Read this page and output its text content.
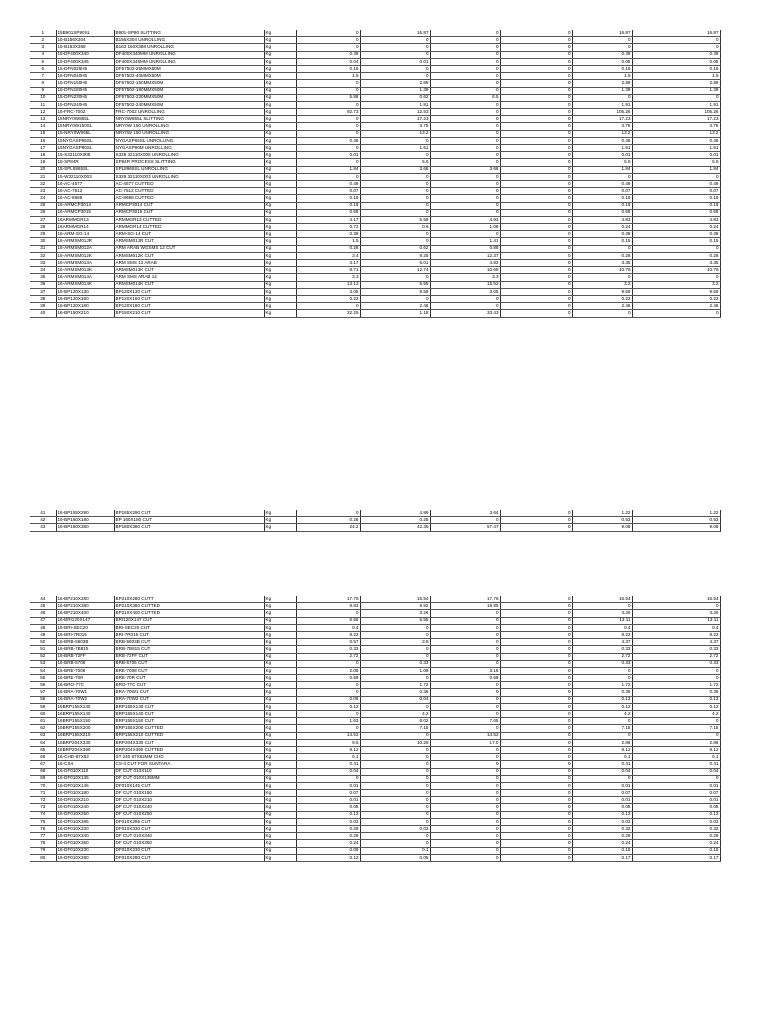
1	15B901SP90SL	B901-SP90 SLITTING	Kg	0	16.87	0	0	16.87	16.87	
2	15-B156X304	B156X304 UNROLLING	Kg	0	0	0	0	0	0	
3	15-B163X388	B163 160X388 UNROLLING	Kg	0	0	0	0	0	0	
4	15-DF400X340	DF400X340MM UNROLLING	Kg	0.49	0	0	0	0.49	0.49	
5	15-DF400X345	DF400X345MM UNROLLING	Kg	0.04	0.01	0	0	0.05	0.05	
6	15-DFN025H5	DF57502-25MMX50M	Kg	0.16	0	0	0	0.16	0.16	
7	15-DFN040H5	DF57502-40MMX50M	Kg	1.5	0	0	0	1.5	1.5	
8	15-DFN150H5	DF57502-150MMX50M	Kg	0	2.89	0	0	2.89	2.89	
9	15-DFN180H5	DF57502-180MMX50M	Kg	0	1.39	0	0	1.39	1.39	
10	15-DFN230H5	DF57502-230MMX50M	Kg	5.88	0.62	6.5	0	0	0	
11	15-DFN240H5	DF57502-240MMX50M	Kg	0	1.91	0	0	1.91	1.91	
12	15-FRC-7002	FRC-7002 UNROLLING	Kg	92.73	12.53	0	0	105.26	105.26	
13	15NRY0W865L	NRY0W865L SLITTING	Kg	0	17.23	0	0	17.23	17.23	
14	15NRY0W150SL	NRY0W 150 UNROLLING	Kg	0	3.75	0	0	3.75	3.75	
15	15-NRY0W065L	NRY0W 150 UNROLLING	Kg	0	13.2	0	0	13.2	13.2	
16	15NYGASP65SL	NYGASP65SL UNROLLING	Kg	0.46	0	0	0	0.46	0.46	
17	15NYGASP90SL	NYGASP90M UNROLLING	Kg	0	1.51	0	0	1.51	1.51	
18	15-S32110X005	S328 32110X005 UNROLLING	Kg	0.01	0	0	0	0.01	0.01	
19	15-SP84R	SP84R PROCESS SLITTING	Kg	0	5.6	0	0	5.6	5.6	
20	15-SPL8965SL	SPL8965SL UNROLLING	Kg	1.84	3.66	3.66	0	1.84	1.84	
21	15-W32110X003	S328 32110X003 UNROLLING	Kg	0	0	0	0	0	0	
22	16-AC-4577	AC-4577 CUTTED	Kg	0.49	0	0	0	0.49	0.49	
23	16-AC-7512	AC-7512 CUTTED	Kg	0.07	0	0	0	0.07	0.07	
24	16-AC-8688	AC-8688 CUTTED	Kg	0.16	0	0	0	0.16	0.16	
25	16-ARMCP3014	ARMCP3014 CUT	Kg	0.19	0	0	0	0.19	0.19	
26	16-ARMCP3015	ARMCP3015 CUT	Kg	0.66	0	0	0	0.66	0.66	
27	16ARMMGR13	ARMMGR13 CUTTED	Kg	4.17	5.59	4.93	0	4.83	4.83	
28	16ARMMGR14	ARMMGR14 CUTTED	Kg	0.72	0.6	1.08	0	0.24	0.24	
29	16-ARM-SG-14	ARM-SG-14 CUT	Kg	0.38	0	0	0	0.38	0.38	
30	16-ARMSM01JR	ARMSM01JR CUT	Kg	1.5	0	1.41	0	0.15	0.15	
31	16-ARMSM012A	ARM ARAB WGSMS 12 CUT	Kg	0.28	0.62	0.88	0	0	0	
32	16-ARMSM012K	ARMSM012K CUT	Kg	3.4	9.25	12.37	0	0.28	0.28	
33	16-ARMSM013A	ARM SMS 13 ARAB	Kg	3.17	5.01	4.83	0	3.35	3.35	
34	16-ARMSM013K	ARMSM013K CUT	Kg	8.71	12.74	10.68	0	10.76	10.76	
35	16-ARMSM014A	ARM SMS ARAB 14	Kg	3.3	0	3.3	0	0	0	
36	16-ARMSM014K	ARMSM014K CUT	Kg	13.13	5.59	15.52	0	3.2	3.2	
37	16-BP120X130	BP120X130 CUT	Kg	3.05	9.59	3.05	0	9.59	9.59	
38	16-BP120X150	BP120X150 CUT	Kg	0.22	0	0	0	0.22	0.22	
39	16-BP120X180	BP120X180 CUT	Kg	0	2.46	0	0	2.46	2.46	
40	16-BP150X210	BP150X210 CUT	Kg	32.25	1.18	33.43	0	0	0	
41	16-BP155X290	BP155X290 CUT	Kg	0	4.86	3.64	0	1.22	1.22	
42	16-BP160X180	BP 160X180 CUT	Kg	0.28	0.25	0	0	0.53	0.53	
43	16-BP180X380	BP180X380 CUT	Kg	24.2	42.35	57.47	0	9.08	9.08	
44	16-BP210X280	BP210X280 CUTT	Kg	17.76	15.54	17.76	0	15.54	15.54	
45	16-BP210X380	BP210X380 CUTTED	Kg	9.83	9.92	19.85	0	0	0	
46	16-BP210X400	BP210X400 CUTTED	Kg	0	3.26	0	0	3.26	3.26	
47	16-BRI120X147	BRI120X147 CUT	Kg	6.56	6.55	0	0	13.11	13.11	
48	16-BRI-SEC20	BRI-SEC20 CUT	Kg	0.4	0	0	0	0.4	0.4	
49	16-BRI-7R015	BRI-7R015 CUT	Kg	9.22	0	0	0	9.22	9.22	
50	16-BRB-5803B	BRB-5803B CUT	Kg	0.57	3.8	0	0	4.37	4.37	
51	16-BRB-7B815	BRB-7B815 CUT	Kg	0.33	0	0	0	0.33	0.33	
52	16-BRB-72FF	BRB-72FF CUT	Kg	2.72	0	0	0	2.72	2.72	
53	16-BRB-5706	BRB-5706 CUT	Kg	0	0.33	0	0	0.33	0.33	
54	16-BRE-7008	BRE-7008 CUT	Kg	2.08	1.08	3.16	0	0	0	
55	16-BRE-70R	BRE-70R CUT	Kg	0.59	0	0.59	0	0	0	
56	16-BRO-77C	BRO-77C CUT	Kg	0	1.72	0	0	1.72	1.72	
57	16-BRA-70W1	BRA-70W1 CUT	Kg	0	0.36	0	0	0.36	0.36	
58	16-BRA-70W2	BRA-70W2 CUT	Kg	0.09	0.04	0	0	0.13	0.13	
59	16BRP155X130	BRP155X130 CUT	Kg	0.12	0	0	0	0.12	0.12	
60	16BRP155X140	BRP155X140 CUT	Kg	0	4.2	0	0	4.2	4.2	
61	16BRP155X150	BRP155X150 CUT	Kg	1.63	6.02	7.65	0	0	0	
62	16BRP155X200	BRP155X200 CUTTED	Kg	0	7.15	0	0	7.15	7.15	
63	16BRP155X210	BRP155X210 CUTTED	Kg	14.52	0	14.52	0	0	0	
64	16BRP204X330	BRP204X330 CUT	Kg	9.5	10.28	17.0	0	2.86	2.86	
65	16BRP204X390	BRP204X390 CUTTED	Kg	9.12	0	0	0	9.12	9.12	
66	16-CHD-87X82	ST 240 87X82MM CHD	Kg	0.1	0	0	0	0.1	0.1	
67	16-CS4	CS-4 CUT FOR SUNTARA	Kg	0.41	0	0	0	0.41	0.41	
68	16-DF010X110	DF CUT 010X110	Kg	0.04	0	0	0	0.04	0.04	
69	16-DF010X135	DF CUT 010X135MM	Kg	0	0	0	0	0	0	
70	16-DF010X145	DF010X145 CUT	Kg	0.01	0	0	0	0.01	0.01	
71	16-DF010X180	DF CUT 010X180	Kg	0.07	0	0	0	0.07	0.07	
72	16-DF010X210	DF CUT 010X210	Kg	0.01	0	0	0	0.01	0.01	
73	16-DF010X240	DF CUT 010X240	Kg	0.05	0	0	0	0.05	0.05	
74	16-DF010X250	DF CUT 010X250	Kg	0.13	0	0	0	0.13	0.13	
75	16-DF010X285	DF010X285 CUT	Kg	0.02	0	0	0	0.02	0.02	
76	16-DF010X330	DF010X330 CUT	Kg	0.29	0.03	0	0	0.32	0.32	
77	16-DF010X340	DF CUT 010X340	Kg	0.29	0	0	0	0.29	0.29	
78	16-DF010X350	DF CUT 010X350	Kg	0.24	0	0	0	0.24	0.24	
79	16-DF010X230	DF010X230 CUT	Kg	0.06	0.1	0	0	0.16	0.16	
80	16-DF010X280	DF010X280 CUT	Kg	0.12	0.05	0	0	0.17	0.17	
